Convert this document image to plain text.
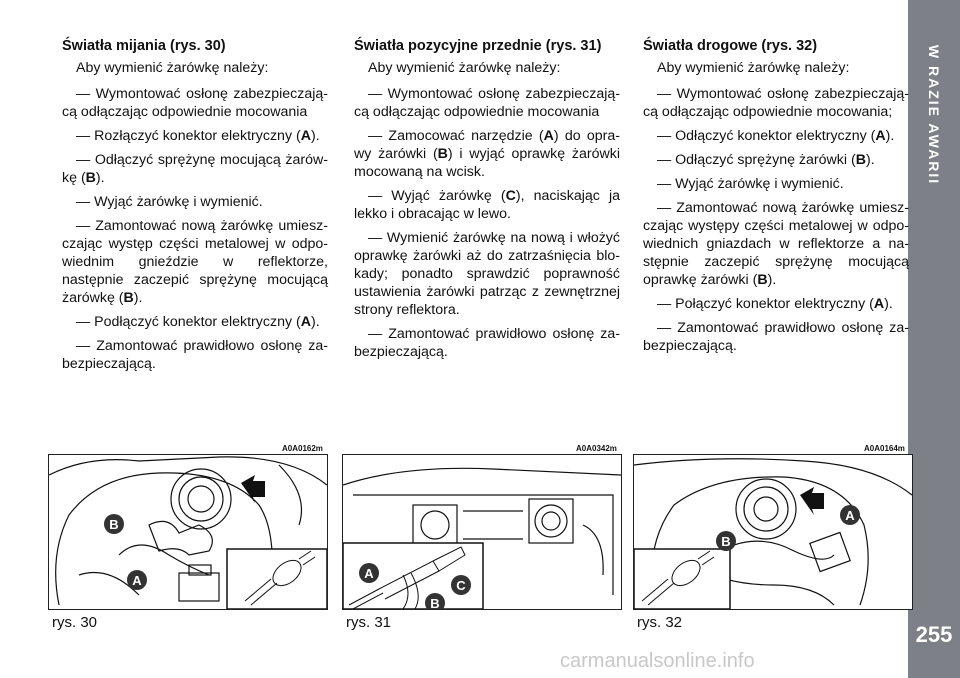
W RAZIE AWARII
255
Światła mijania (rys. 30)

Aby wymienić żarówkę należy:

— Wymontować osłonę zabezpieczają-cą odłączając odpowiednie mocowania

— Rozłączyć konektor elektryczny (A).

— Odłączyć sprężynę mocującą żarów-kę (B).

— Wyjąć żarówkę i wymienić.

— Zamontować nową żarówkę umiesz-czając występ części metalowej w odpo-wiednim gnieździe w reflektorze, następnie zaczepić sprężynę mocującą żarówkę (B).

— Podłączyć konektor elektryczny (A).

— Zamontować prawidłowo osłonę za-bezpieczającą.

Światła pozycyjne przednie (rys. 31)

Aby wymienić żarówkę należy:

— Wymontować osłonę zabezpieczają-cą odłączając odpowiednie mocowania

— Zamocować narzędzie (A) do opra-wy żarówki (B) i wyjąć oprawkę żarówki mocowaną na wcisk.

— Wyjąć żarówkę (C), naciskając ja lekko i obracając w lewo.

— Wymienić żarówkę na nową i włożyć oprawkę żarówki aż do zatrzaśnięcia blo-kady; ponadto sprawdzić poprawność ustawienia żarówki patrząc z zewnętrznej strony reflektora.

— Zamontować prawidłowo osłonę za-bezpieczającą.

Światła drogowe (rys. 32)

Aby wymienić żarówkę należy:

— Wymontować osłonę zabezpieczają-cą odłączając odpowiednie mocowania;

— Odłączyć konektor elektryczny (A).

— Odłączyć sprężynę żarówki (B).

— Wyjąć żarówkę i wymienić.

— Zamontować nową żarówkę umiesz-czając występy części metalowej w odpo-wiednich gniazdach w reflektorze a na-stępnie zaczepić sprężynę mocującą oprawkę żarówki (B).

— Połączyć konektor elektryczny (A).

— Zamontować prawidłowo osłonę za-bezpieczającą.

A0A0162m	A0A0342m	A0A0164m
B
A	A
B
C
A
B
rys. 30	rys. 31	rys. 32
carmanualsonline.info
